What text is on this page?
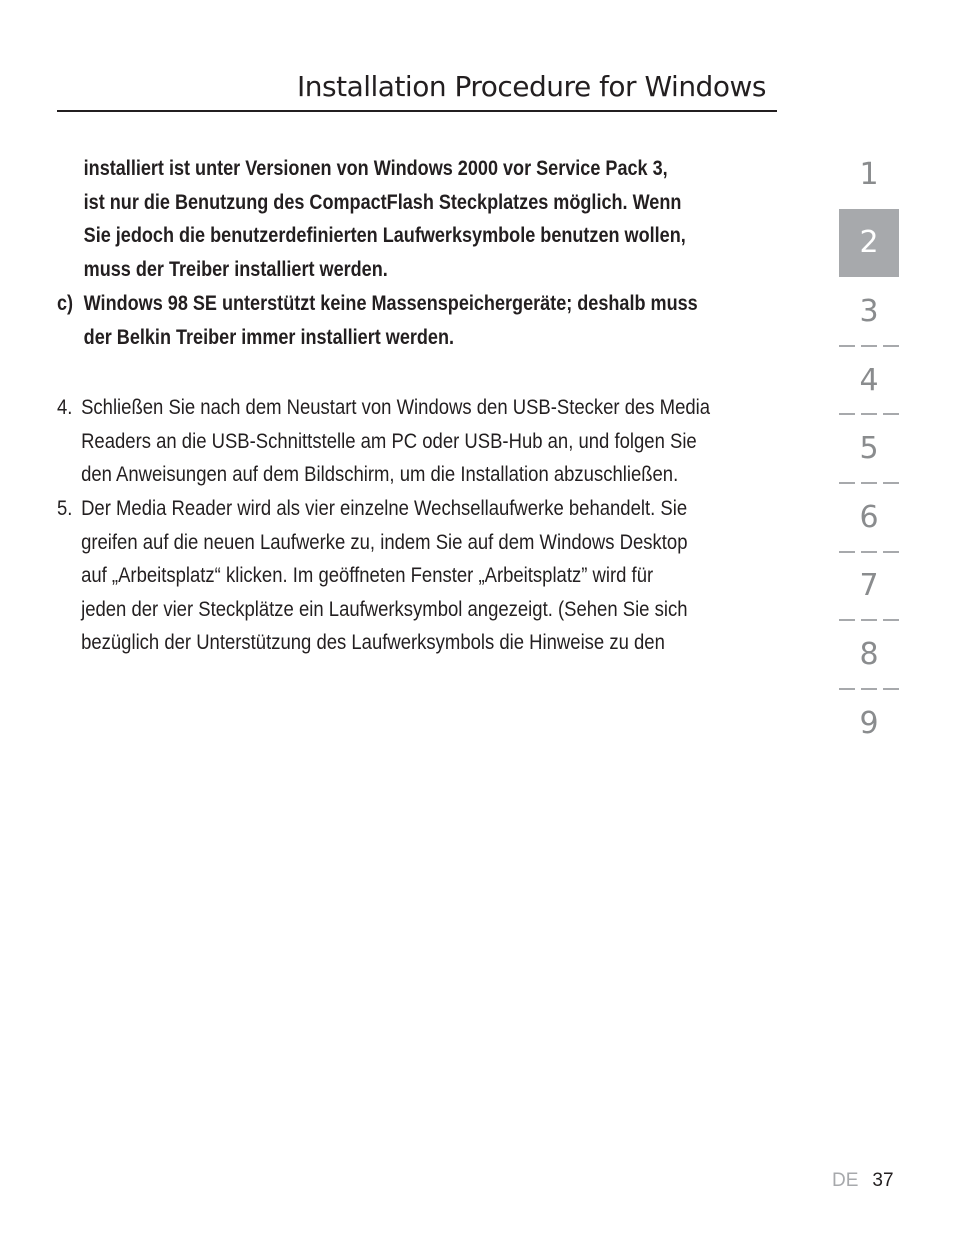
Installation Procedure for Windows

installiert ist unter Versionen von Windows 2000 vor Service Pack 3,

ist nur die Benutzung des CompactFlash Steckplatzes möglich. Wenn

Sie jedoch die benutzerdefinierten Laufwerksymbole benutzen wollen,

muss der Treiber installiert werden.

c) Windows 98 SE unterstützt keine Massenspeichergeräte; deshalb muss

der Belkin Treiber immer installiert werden.

4. Schließen Sie nach dem Neustart von Windows den USB-Stecker des Media

Readers an die USB-Schnittstelle am PC oder USB-Hub an, und folgen Sie

den Anweisungen auf dem Bildschirm, um die Installation abzuschließen.

5. Der Media Reader wird als vier einzelne Wechsellaufwerke behandelt. Sie

greifen auf die neuen Laufwerke zu, indem Sie auf dem Windows Desktop

auf „Arbeitsplatz“ klicken. Im geöffneten Fenster „Arbeitsplatz” wird für

jeden der vier Steckplätze ein Laufwerksymbol angezeigt. (Sehen Sie sich

bezüglich der Unterstützung des Laufwerksymbols die Hinweise zu den

1
2
3
4
5
6
7
8
9
DE 37
